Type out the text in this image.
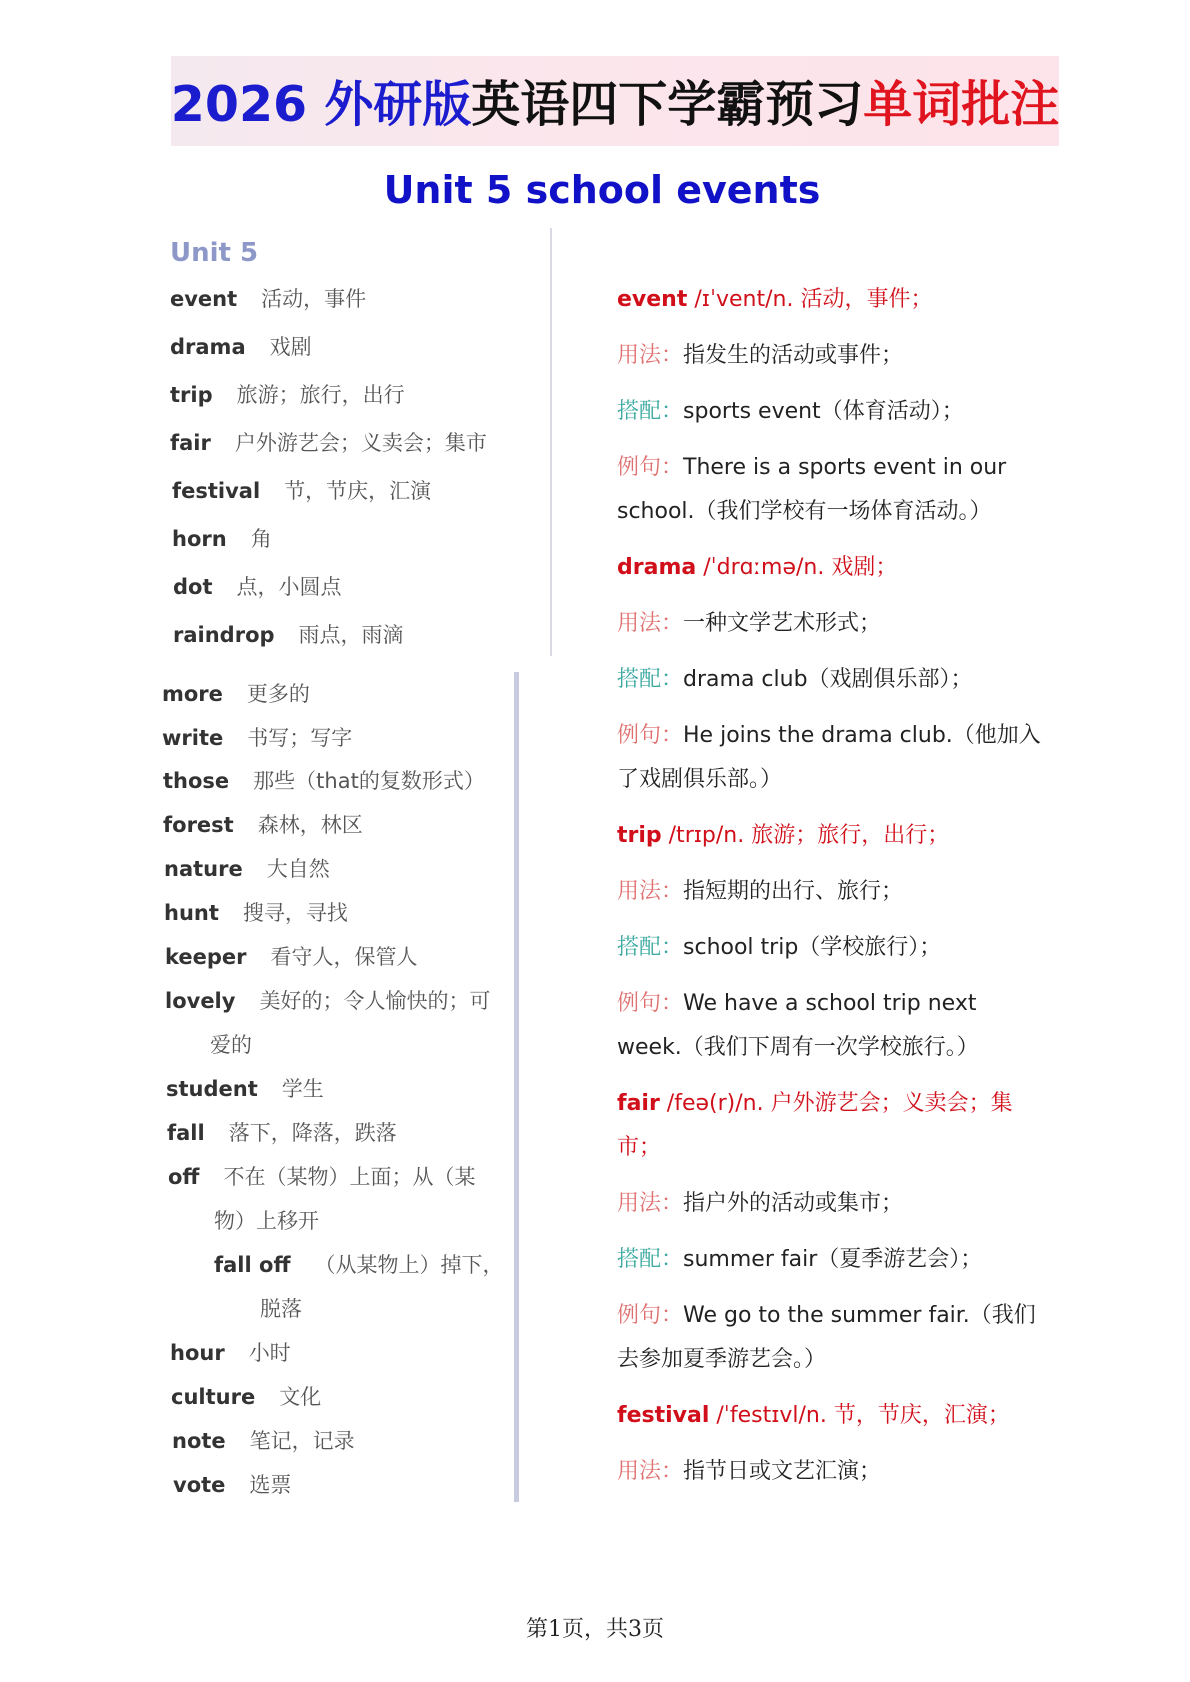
2026 外研版 英语四下学霸预习 单词批注
Unit 5 school events
Unit 5
event 活动，事件
drama 戏剧
trip 旅游；旅行，出行
fair 户外游艺会；义卖会；集市
festival 节，节庆，汇演
horn 角
dot 点，小圆点
raindrop 雨点，雨滴
more 更多的
write 书写；写字
those 那些（that的复数形式）
forest 森林，林区
nature 大自然
hunt 搜寻，寻找
keeper 看守人，保管人
lovely 美好的；令人愉快的；可
爱的
student 学生
fall 落下，降落，跌落
off 不在（某物）上面；从（某
物）上移开
fall off （从某物上）掉下，
脱落
hour 小时
culture 文化
note 笔记，记录
vote 选票
event /ɪˈvent/n. 活动，事件；
用法：指发生的活动或事件；
搭配：sports event（体育活动）；
例句：There is a sports event in our school.（我们学校有一场体育活动。）
drama /ˈdrɑːmə/n. 戏剧；
用法：一种文学艺术形式；
搭配：drama club（戏剧俱乐部）；
例句：He joins the drama club.（他加入了戏剧俱乐部。）
trip /trɪp/n. 旅游；旅行，出行；
用法：指短期的出行、旅行；
搭配：school trip（学校旅行）；
例句：We have a school trip next week.（我们下周有一次学校旅行。）
fair /feə(r)/n. 户外游艺会；义卖会；集市；
用法：指户外的活动或集市；
搭配：summer fair（夏季游艺会）；
例句：We go to the summer fair.（我们去参加夏季游艺会。）
festival /ˈfestɪvl/n. 节，节庆，汇演；
用法：指节日或文艺汇演；
第1页，共3页
